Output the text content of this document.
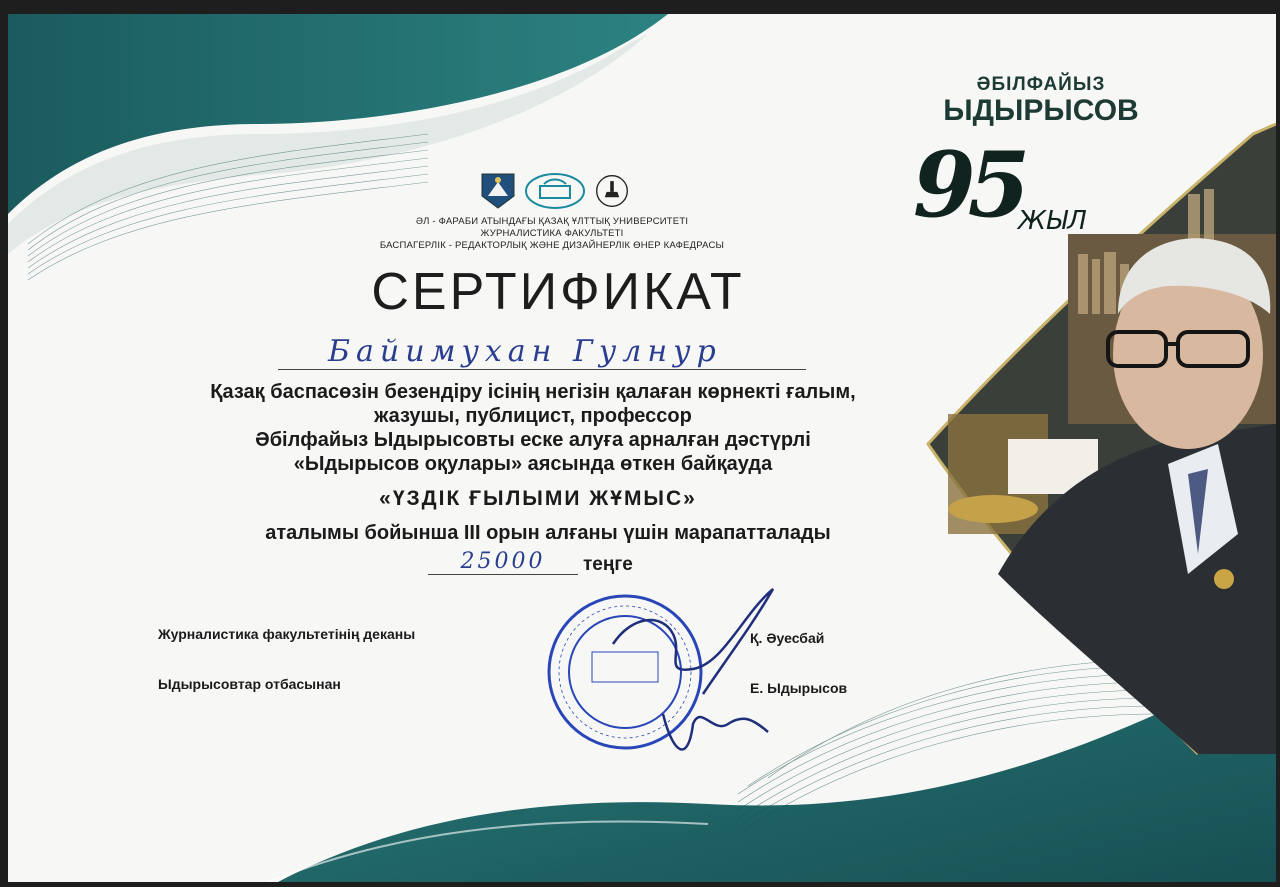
ӘЛ - ФАРАБИ АТЫНДАҒЫ ҚАЗАҚ ҰЛТТЫҚ УНИВЕРСИТЕТІ
ЖУРНАЛИСТИКА ФАКУЛЬТЕТІ
БАСПАГЕРЛІК - РЕДАКТОРЛЫҚ ЖӘНЕ ДИЗАЙНЕРЛІК ӨНЕР КАФЕДРАСЫ
ӘБІЛФАЙЫЗ
ЫДЫРЫСОВ
95
ЖЫЛ
СЕРТИФИКАТ
Байимухан Гулнур
Қазақ баспасөзін безендіру ісінің негізін қалаған көрнекті ғалым,
жазушы, публицист, профессор
Әбілфайыз Ыдырысовты еске алуға арналған дәстүрлі
«Ыдырысов оқулары» аясында өткен байқауда
«ҮЗДІК ҒЫЛЫМИ ЖҰМЫС»
аталымы бойынша ІІІ орын алғаны үшін марапатталады
25000	теңге
Журналистика факультетінің деканы	Қ. Әуесбай
Ыдырысовтар отбасынан	Е. Ыдырысов
